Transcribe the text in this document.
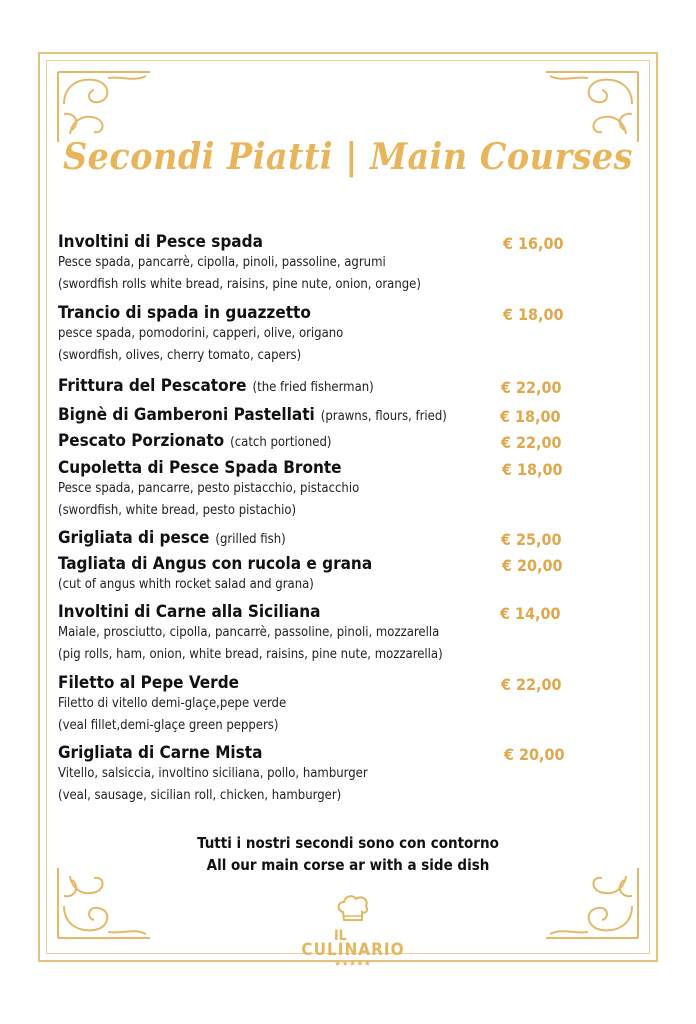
Secondi Piatti | Main Courses
Involtini di Pesce spada
Pesce spada, pancarrè, cipolla, pinoli, passoline, agrumi
(swordfish rolls white bread, raisins, pine nute, onion, orange)
€ 16,00
Trancio di spada in guazzetto
pesce spada, pomodorini, capperi, olive, origano
(swordfish, olives, cherry tomato, capers)
€ 18,00
Frittura del Pescatore (the fried fisherman)	€ 22,00
Bignè di Gamberoni Pastellati (prawns, flours, fried)	€ 18,00
Pescato Porzionato (catch portioned)	€ 22,00
Cupoletta di Pesce Spada Bronte
Pesce spada, pancarre, pesto pistacchio, pistacchio
(swordfish, white bread, pesto pistachio)
€ 18,00
Grigliata di pesce (grilled fish)	€ 25,00
Tagliata di Angus con rucola e grana
(cut of angus whith rocket salad and grana)
€ 20,00
Involtini di Carne alla Siciliana
Maiale, prosciutto, cipolla, pancarrè, passoline, pinoli, mozzarella
(pig rolls, ham, onion, white bread, raisins, pine nute, mozzarella)
€ 14,00
Filetto al Pepe Verde
Filetto di vitello demi-glaçe,pepe verde
(veal fillet,demi-glaçe green peppers)
€ 22,00
Grigliata di Carne Mista
Vitello, salsiccia, involtino siciliana, pollo, hamburger
(veal, sausage, sicilian roll, chicken, hamburger)
€ 20,00
Tutti i nostri secondi sono con contorno
All our main corse ar with a side dish
IL
CULINARIO
★★★★★
